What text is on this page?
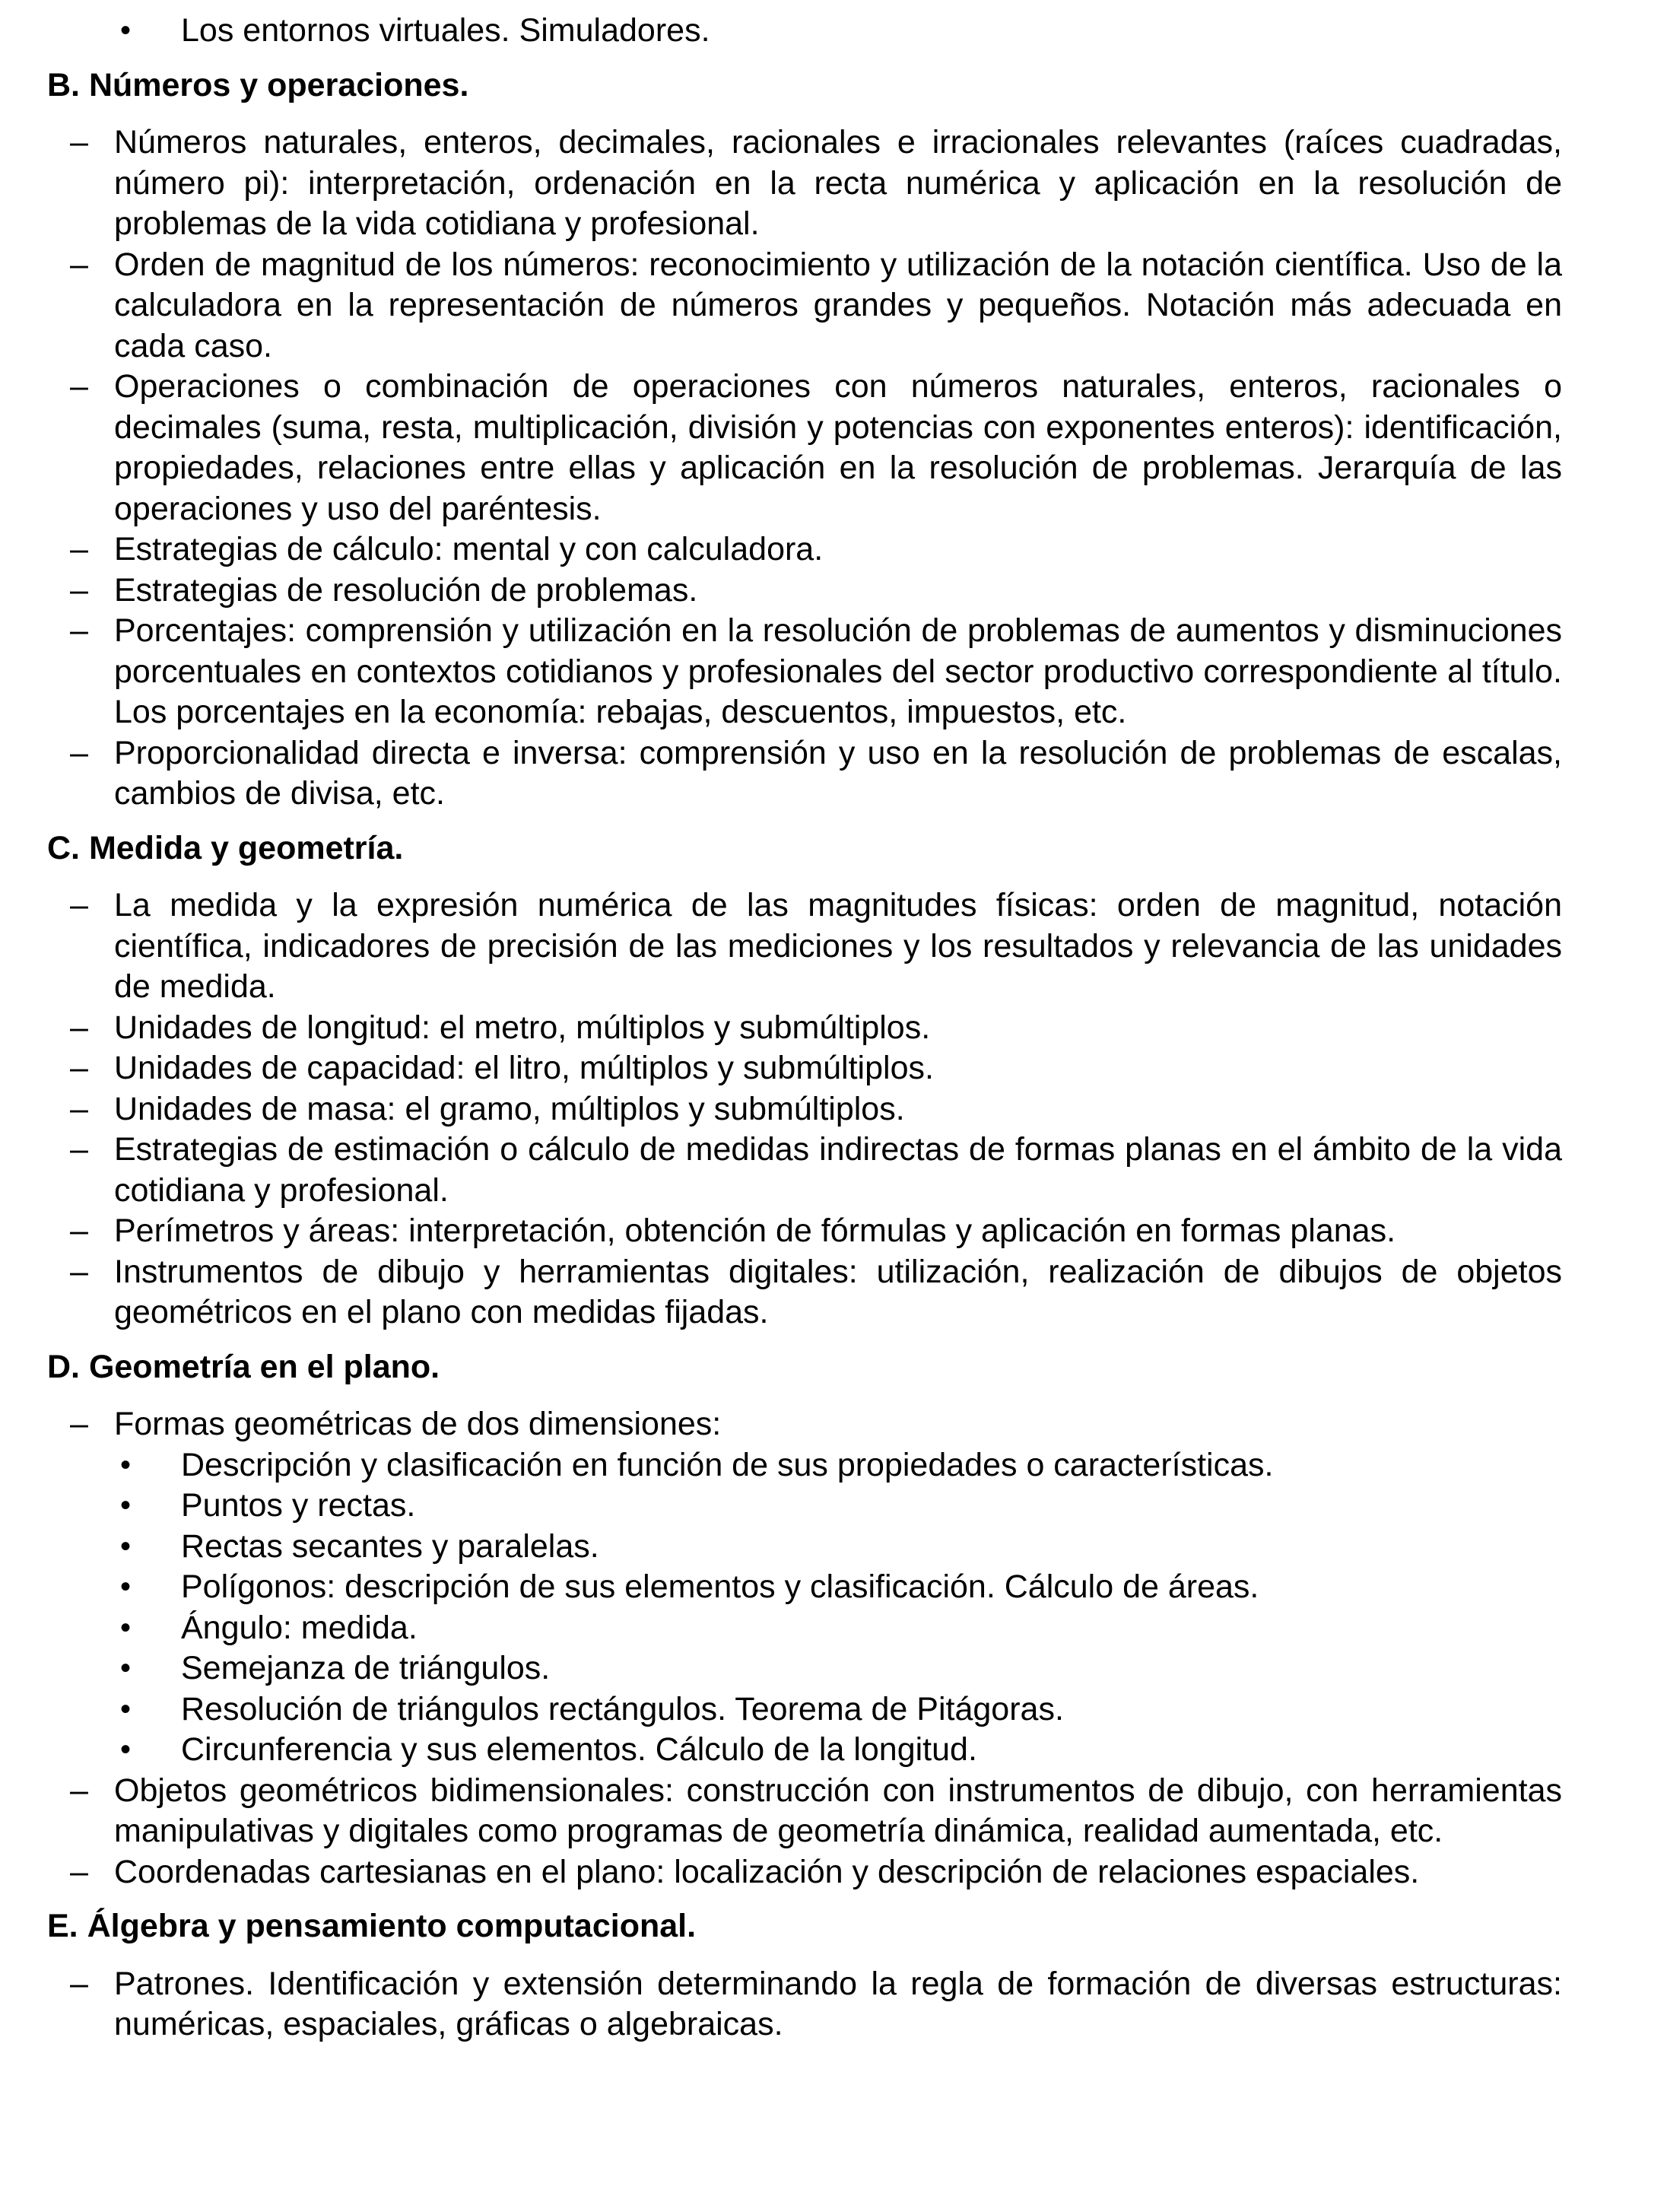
• Los entornos virtuales. Simuladores.
B. Números y operaciones.
– Números naturales, enteros, decimales, racionales e irracionales relevantes (raíces cuadradas, número pi): interpretación, ordenación en la recta numérica y aplicación en la resolución de problemas de la vida cotidiana y profesional.
– Orden de magnitud de los números: reconocimiento y utilización de la notación científica. Uso de la calculadora en la representación de números grandes y pequeños. Notación más adecuada en cada caso.
– Operaciones o combinación de operaciones con números naturales, enteros, racionales o decimales (suma, resta, multiplicación, división y potencias con exponentes enteros): identificación, propiedades, relaciones entre ellas y aplicación en la resolución de problemas. Jerarquía de las operaciones y uso del paréntesis.
– Estrategias de cálculo: mental y con calculadora.
– Estrategias de resolución de problemas.
– Porcentajes: comprensión y utilización en la resolución de problemas de aumentos y disminuciones porcentuales en contextos cotidianos y profesionales del sector productivo correspondiente al título. Los porcentajes en la economía: rebajas, descuentos, impuestos, etc.
– Proporcionalidad directa e inversa: comprensión y uso en la resolución de problemas de escalas, cambios de divisa, etc.
C. Medida y geometría.
– La medida y la expresión numérica de las magnitudes físicas: orden de magnitud, notación científica, indicadores de precisión de las mediciones y los resultados y relevancia de las unidades de medida.
– Unidades de longitud: el metro, múltiplos y submúltiplos.
– Unidades de capacidad: el litro, múltiplos y submúltiplos.
– Unidades de masa: el gramo, múltiplos y submúltiplos.
– Estrategias de estimación o cálculo de medidas indirectas de formas planas en el ámbito de la vida cotidiana y profesional.
– Perímetros y áreas: interpretación, obtención de fórmulas y aplicación en formas planas.
– Instrumentos de dibujo y herramientas digitales: utilización, realización de dibujos de objetos geométricos en el plano con medidas fijadas.
D. Geometría en el plano.
– Formas geométricas de dos dimensiones:
• Descripción y clasificación en función de sus propiedades o características.
• Puntos y rectas.
• Rectas secantes y paralelas.
• Polígonos: descripción de sus elementos y clasificación. Cálculo de áreas.
• Ángulo: medida.
• Semejanza de triángulos.
• Resolución de triángulos rectángulos. Teorema de Pitágoras.
• Circunferencia y sus elementos. Cálculo de la longitud.
– Objetos geométricos bidimensionales: construcción con instrumentos de dibujo, con herramientas manipulativas y digitales como programas de geometría dinámica, realidad aumentada, etc.
– Coordenadas cartesianas en el plano: localización y descripción de relaciones espaciales.
E. Álgebra y pensamiento computacional.
– Patrones. Identificación y extensión determinando la regla de formación de diversas estructuras: numéricas, espaciales, gráficas o algebraicas.
